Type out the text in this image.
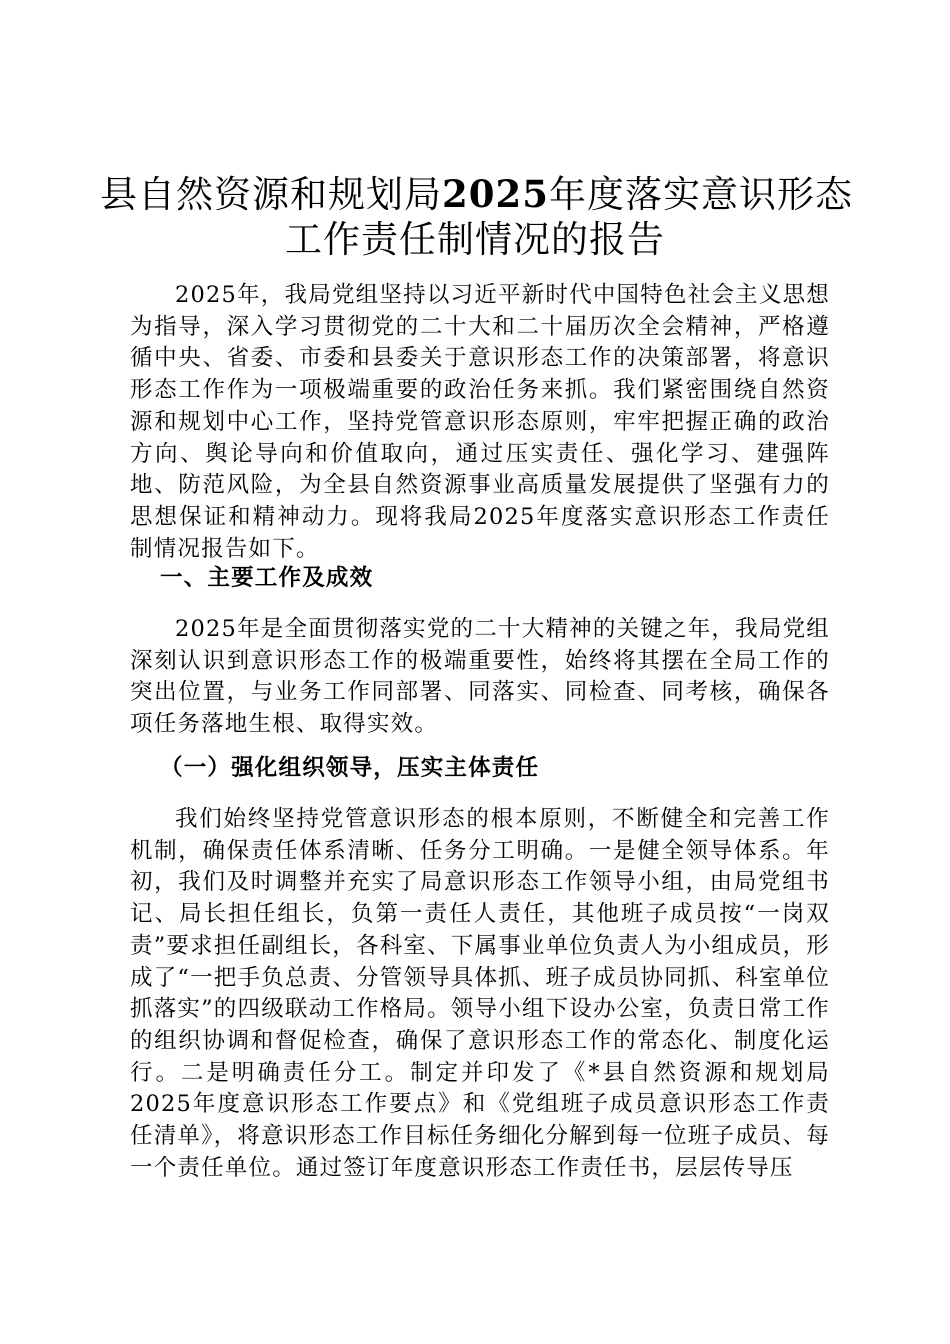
县自然资源和规划局2025年度落实意识形态
工作责任制情况的报告

2025年，我局党组坚持以习近平新时代中国特色社会主义思想为指导，深入学习贯彻党的二十大和二十届历次全会精神，严格遵循中央、省委、市委和县委关于意识形态工作的决策部署，将意识形态工作作为一项极端重要的政治任务来抓。我们紧密围绕自然资源和规划中心工作，坚持党管意识形态原则，牢牢把握正确的政治方向、舆论导向和价值取向，通过压实责任、强化学习、建强阵地、防范风险，为全县自然资源事业高质量发展提供了坚强有力的思想保证和精神动力。现将我局2025年度落实意识形态工作责任制情况报告如下。

一、主要工作及成效

2025年是全面贯彻落实党的二十大精神的关键之年，我局党组深刻认识到意识形态工作的极端重要性，始终将其摆在全局工作的突出位置，与业务工作同部署、同落实、同检查、同考核，确保各项任务落地生根、取得实效。

（一）强化组织领导，压实主体责任

我们始终坚持党管意识形态的根本原则，不断健全和完善工作机制，确保责任体系清晰、任务分工明确。一是健全领导体系。年初，我们及时调整并充实了局意识形态工作领导小组，由局党组书记、局长担任组长，负第一责任人责任，其他班子成员按“一岗双责”要求担任副组长，各科室、下属事业单位负责人为小组成员，形成了“一把手负总责、分管领导具体抓、班子成员协同抓、科室单位抓落实”的四级联动工作格局。领导小组下设办公室，负责日常工作的组织协调和督促检查，确保了意识形态工作的常态化、制度化运行。二是明确责任分工。制定并印发了《*县自然资源和规划局2025年度意识形态工作要点》和《党组班子成员意识形态工作责任清单》，将意识形态工作目标任务细化分解到每一位班子成员、每一个责任单位。通过签订年度意识形态工作责任书，层层传导压
